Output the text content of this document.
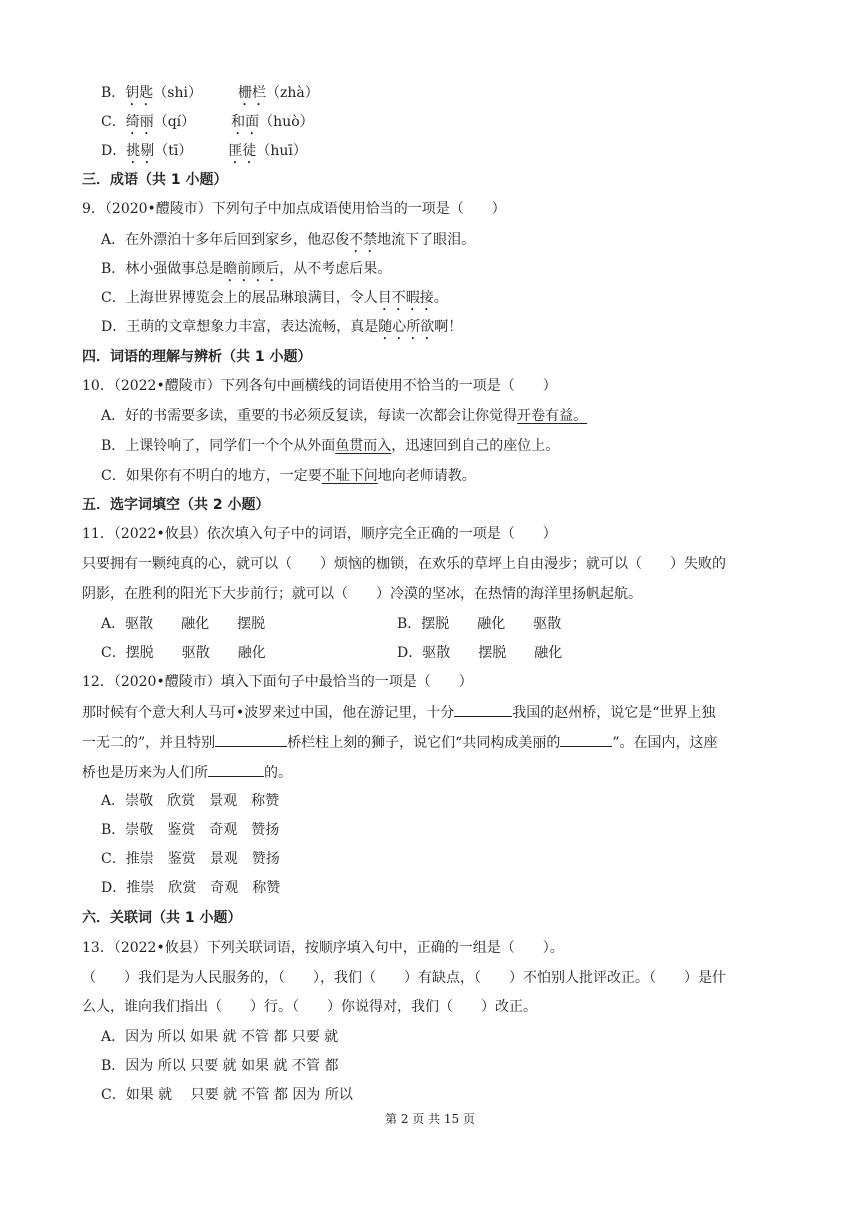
B．钥匙（shi）	栅栏（zhà）
C．绮丽（qí）	和面（huò）
D．挑剔（tī）	匪徒（huī）
三．成语（共 1 小题）
9．（2020•醴陵市）下列句子中加点成语使用恰当的一项是（　　）
A．在外漂泊十多年后回到家乡，他忍俊不禁地流下了眼泪。
B．林小强做事总是瞻前顾后，从不考虑后果。
C．上海世界博览会上的展品琳琅满目，令人目不暇接。
D．王萌的文章想象力丰富，表达流畅，真是随心所欲啊！
四．词语的理解与辨析（共 1 小题）
10．（2022•醴陵市）下列各句中画横线的词语使用不恰当的一项是（　　）
A．好的书需要多读，重要的书必须反复读，每读一次都会让你觉得开卷有益。
B．上课铃响了，同学们一个个从外面鱼贯而入，迅速回到自己的座位上。
C．如果你有不明白的地方，一定要不耻下问地向老师请教。
五．选字词填空（共 2 小题）
11．（2022•攸县）依次填入句子中的词语，顺序完全正确的一项是（　　）
只要拥有一颗纯真的心，就可以（　　）烦恼的枷锁，在欢乐的草坪上自由漫步；就可以（　　）失败的
阴影，在胜利的阳光下大步前行；就可以（　　）冷漠的坚冰，在热情的海洋里扬帆起航。
A．驱散　　融化　　摆脱	B．摆脱　　融化　　驱散
C．摆脱　　驱散　　融化	D．驱散　　摆脱　　融化
12．（2020•醴陵市）填入下面句子中最恰当的一项是（　　）
那时候有个意大利人马可•波罗来过中国，他在游记里，十分	我国的赵州桥，说它是“世界上独
一无二的”，并且特别	桥栏柱上刻的狮子，说它们“共同构成美丽的	”。在国内，这座
桥也是历来为人们所	的。
A．崇敬　欣赏　景观　称赞
B．崇敬　鉴赏　奇观　赞扬
C．推崇　鉴赏　景观　赞扬
D．推崇　欣赏　奇观　称赞
六．关联词（共 1 小题）
13．（2022•攸县）下列关联词语，按顺序填入句中，正确的一组是（　　）。
（　　）我们是为人民服务的，（　　），我们（　　）有缺点，（　　）不怕别人批评改正。（　　）是什
么人，谁向我们指出（　　）行。（　　）你说得对，我们（　　）改正。
A．因为 所以 如果 就 不管 都 只要 就
B．因为 所以 只要 就 如果 就 不管 都
C．如果 就　 只要 就 不管 都 因为 所以
第 2 页 共 15 页
